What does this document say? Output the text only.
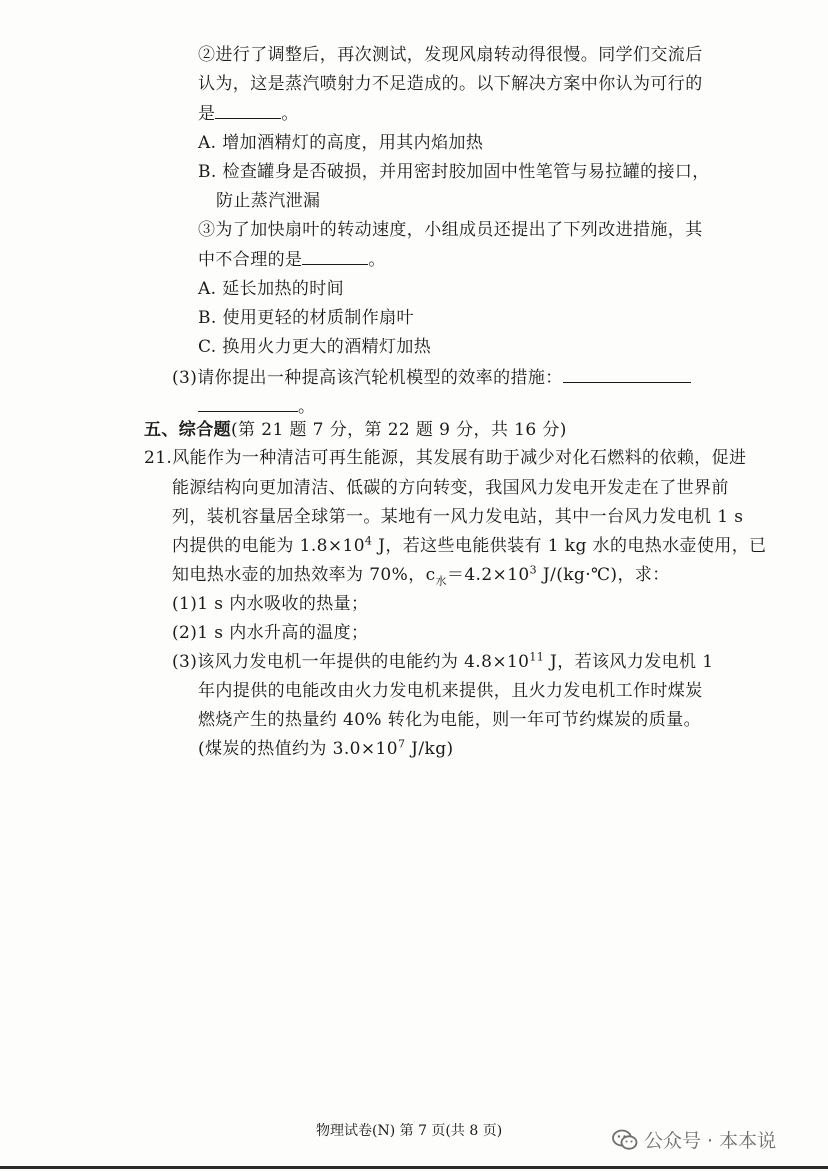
②进行了调整后，再次测试，发现风扇转动得很慢。同学们交流后
认为，这是蒸汽喷射力不足造成的。以下解决方案中你认为可行的
是	。
A. 增加酒精灯的高度，用其内焰加热
B. 检查罐身是否破损，并用密封胶加固中性笔管与易拉罐的接口，
防止蒸汽泄漏
③为了加快扇叶的转动速度，小组成员还提出了下列改进措施，其
中不合理的是	。
A. 延长加热的时间
B. 使用更轻的材质制作扇叶
C. 换用火力更大的酒精灯加热
(3)请你提出一种提高该汽轮机模型的效率的措施：
。
五、综合题(第 21 题 7 分，第 22 题 9 分，共 16 分)
21.风能作为一种清洁可再生能源，其发展有助于减少对化石燃料的依赖，促进
能源结构向更加清洁、低碳的方向转变，我国风力发电开发走在了世界前
列，装机容量居全球第一。某地有一风力发电站，其中一台风力发电机 1 s
内提供的电能为 $1.8\times 10^4$ J，若这些电能供装有 1 kg 水的电热水壶使用，已
知电热水壶的加热效率为 70%，$c_水=4.2\times 10^3$ J/(kg·℃)，求：
(1)1 s 内水吸收的热量；
(2)1 s 内水升高的温度；
(3)该风力发电机一年提供的电能约为 $4.8\times 10^{11}$ J，若该风力发电机 1
年内提供的电能改由火力发电机来提供，且火力发电机工作时煤炭
燃烧产生的热量约 40% 转化为电能，则一年可节约煤炭的质量。
(煤炭的热值约为 $3.0\times 10^7$ J/kg)
物理试卷(N) 第 7 页(共 8 页)	公众号 · 本本说
